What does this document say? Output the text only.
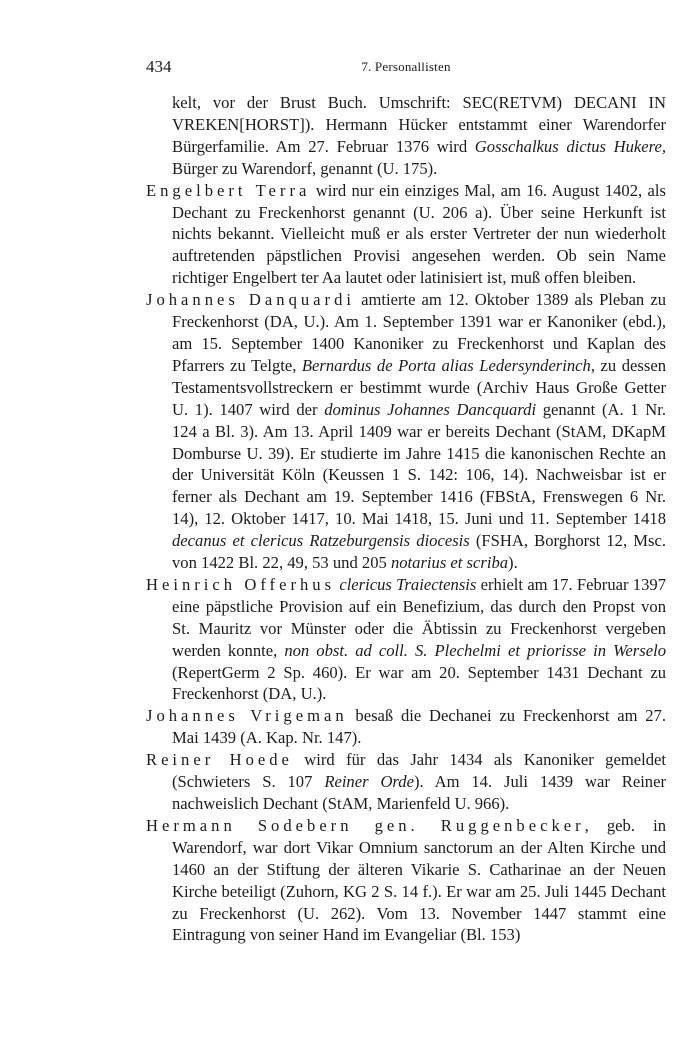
434	7. Personallisten

kelt, vor der Brust Buch. Umschrift: SEC(RETVM) DECANI IN VREKEN[HORST]). Hermann Hücker entstammt einer Warendorfer Bürgerfamilie. Am 27. Februar 1376 wird Gosschalkus dictus Hukere, Bürger zu Warendorf, genannt (U. 175).

Engelbert Terra wird nur ein einziges Mal, am 16. August 1402, als Dechant zu Freckenhorst genannt (U. 206 a). Über seine Herkunft ist nichts bekannt. Vielleicht muß er als erster Vertreter der nun wiederholt auftretenden päpstlichen Provisi angesehen werden. Ob sein Name richtiger Engelbert ter Aa lautet oder latinisiert ist, muß offen bleiben.

Johannes Danquardi amtierte am 12. Oktober 1389 als Pleban zu Freckenhorst (DA, U.). Am 1. September 1391 war er Kanoniker (ebd.), am 15. September 1400 Kanoniker zu Freckenhorst und Kaplan des Pfarrers zu Telgte, Bernardus de Porta alias Ledersynderinch, zu dessen Testamentsvollstreckern er bestimmt wurde (Archiv Haus Große Getter U. 1). 1407 wird der dominus Johannes Dancquardi genannt (A. 1 Nr. 124 a Bl. 3). Am 13. April 1409 war er bereits Dechant (StAM, DKapM Domburse U. 39). Er studierte im Jahre 1415 die kanonischen Rechte an der Universität Köln (Keussen 1 S. 142: 106, 14). Nachweisbar ist er ferner als Dechant am 19. September 1416 (FBStA, Frenswegen 6 Nr. 14), 12. Oktober 1417, 10. Mai 1418, 15. Juni und 11. September 1418 decanus et clericus Ratzeburgensis diocesis (FSHA, Borghorst 12, Msc. von 1422 Bl. 22, 49, 53 und 205 notarius et scriba).

Heinrich Offerhus clericus Traiectensis erhielt am 17. Februar 1397 eine päpstliche Provision auf ein Benefizium, das durch den Propst von St. Mauritz vor Münster oder die Äbtissin zu Freckenhorst vergeben werden konnte, non obst. ad coll. S. Plechelmi et priorisse in Werselo (RepertGerm 2 Sp. 460). Er war am 20. September 1431 Dechant zu Freckenhorst (DA, U.).

Johannes Vrigeman besaß die Dechanei zu Freckenhorst am 27. Mai 1439 (A. Kap. Nr. 147).

Reiner Hoede wird für das Jahr 1434 als Kanoniker gemeldet (Schwieters S. 107 Reiner Orde). Am 14. Juli 1439 war Reiner nachweislich Dechant (StAM, Marienfeld U. 966).

Hermann Sodebern gen. Ruggenbecker, geb. in Warendorf, war dort Vikar Omnium sanctorum an der Alten Kirche und 1460 an der Stiftung der älteren Vikarie S. Catharinae an der Neuen Kirche beteiligt (Zuhorn, KG 2 S. 14 f.). Er war am 25. Juli 1445 Dechant zu Freckenhorst (U. 262). Vom 13. November 1447 stammt eine Eintragung von seiner Hand im Evangeliar (Bl. 153)
